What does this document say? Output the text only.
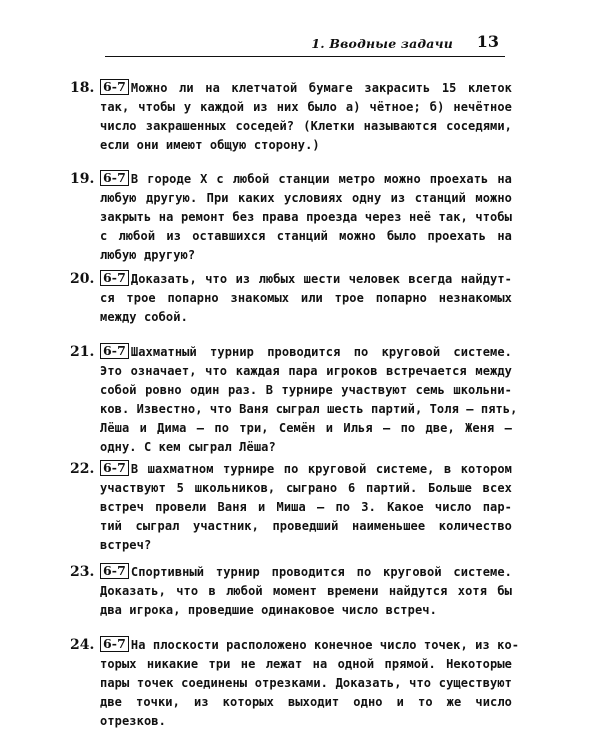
1. Вводные задачи 13
18. 6-7 Можно ли на клетчатой бумаге закрасить 15 клеток
так, чтобы у каждой из них было а) чётное; б) нечётное
число закрашенных соседей? (Клетки называются соседями,
если они имеют общую сторону.)
19. 6-7 В городе X с любой станции метро можно проехать на
любую другую. При каких условиях одну из станций можно
закрыть на ремонт без права проезда через неё так, чтобы
с любой из оставшихся станций можно было проехать на
любую другую?
20. 6-7 Доказать, что из любых шести человек всегда найдут-
ся трое попарно знакомых или трое попарно незнакомых
между собой.
21. 6-7 Шахматный турнир проводится по круговой системе.
Это означает, что каждая пара игроков встречается между
собой ровно один раз. В турнире участвуют семь школьни-
ков. Известно, что Ваня сыграл шесть партий, Толя — пять,
Лёша и Дима — по три, Семён и Илья — по две, Женя —
одну. С кем сыграл Лёша?
22. 6-7 В шахматном турнире по круговой системе, в котором
участвуют 5 школьников, сыграно 6 партий. Больше всех
встреч провели Ваня и Миша — по 3. Какое число пар-
тий сыграл участник, проведший наименьшее количество
встреч?
23. 6-7 Спортивный турнир проводится по круговой системе.
Доказать, что в любой момент времени найдутся хотя бы
два игрока, проведшие одинаковое число встреч.
24. 6-7 На плоскости расположено конечное число точек, из ко-
торых никакие три не лежат на одной прямой. Некоторые
пары точек соединены отрезками. Доказать, что существуют
две точки, из которых выходит одно и то же число
отрезков.
